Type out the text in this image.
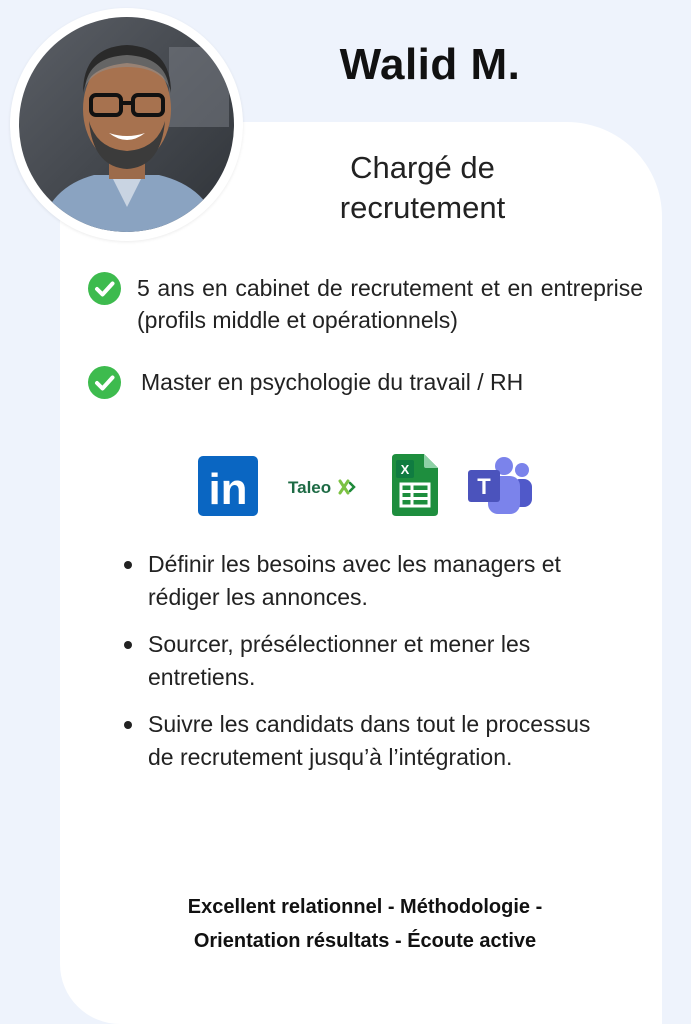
Walid M.
Chargé de
recrutement
5 ans en cabinet de recrutement et en entreprise (profils middle et opérationnels)
Master en psychologie du travail / RH
in Taleo
X
T
Définir les besoins avec les managers et rédiger les annonces.
Sourcer, présélectionner et mener les entretiens.
Suivre les candidats dans tout le processus de recrutement jusqu’à l’intégration.
Excellent relationnel - Méthodologie -
Orientation résultats - Écoute active
